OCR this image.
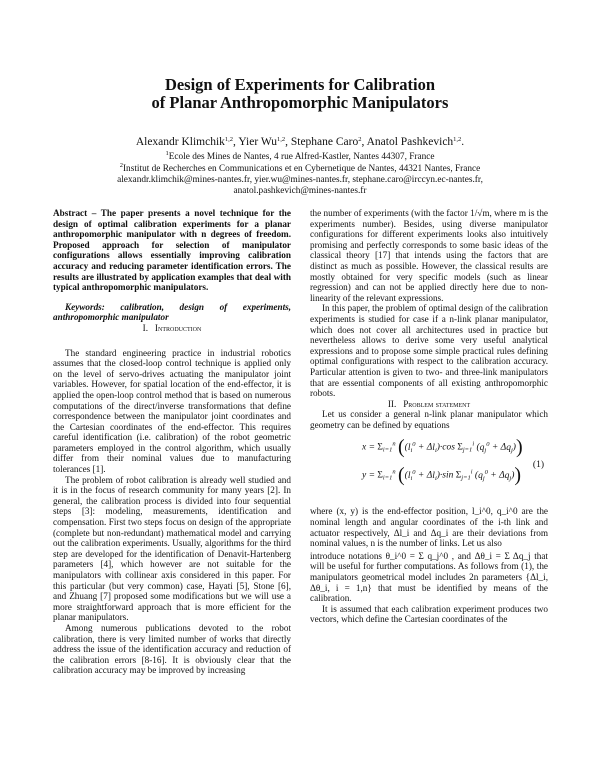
Design of Experiments for Calibration
of Planar Anthropomorphic Manipulators
Alexandr Klimchik$^{1,2}$, Yier Wu$^{1,2}$, Stephane Caro$^2$, Anatol Pashkevich$^{1,2}$.
$^1$Ecole des Mines de Nantes, 4 rue Alfred-Kastler, Nantes 44307, France
$^2$Institut de Recherches en Communications et en Cybernetique de Nantes, 44321 Nantes, France
alexandr.klimchik@mines-nantes.fr, yier.wu@mines-nantes.fr, stephane.caro@irccyn.ec-nantes.fr,
anatol.pashkevich@mines-nantes.fr

Abstract – The paper presents a novel technique for the design of optimal calibration experiments for a planar anthropomorphic manipulator with n degrees of freedom. Proposed approach for selection of manipulator configurations allows essentially improving calibration accuracy and reducing parameter identification errors. The results are illustrated by application examples that deal with typical anthropomorphic manipulators.

Keywords: calibration, design of experiments, anthropomorphic manipulator

I. Introduction

The standard engineering practice in industrial robotics assumes that the closed-loop control technique is applied only on the level of servo-drives actuating the manipulator joint variables. However, for spatial location of the end-effector, it is applied the open-loop control method that is based on numerous computations of the direct/inverse transformations that define correspondence between the manipulator joint coordinates and the Cartesian coordinates of the end-effector. This requires careful identification (i.e. calibration) of the robot geometric parameters employed in the control algorithm, which usually differ from their nominal values due to manufacturing tolerances [1].

The problem of robot calibration is already well studied and it is in the focus of research community for many years [2]. In general, the calibration process is divided into four sequential steps [3]: modeling, measurements, identification and compensation. First two steps focus on design of the appropriate (complete but non-redundant) mathematical model and carrying out the calibration experiments. Usually, algorithms for the third step are developed for the identification of Denavit-Hartenberg parameters [4], which however are not suitable for the manipulators with collinear axis considered in this paper. For this particular (but very common) case, Hayati [5], Stone [6], and Zhuang [7] proposed some modifications but we will use a more straightforward approach that is more efficient for the planar manipulators.

Among numerous publications devoted to the robot calibration, there is very limited number of works that directly address the issue of the identification accuracy and reduction of the calibration errors [8-16]. It is obviously clear that the calibration accuracy may be improved by increasing

the number of experiments (with the factor 1/√m, where m is the experiments number). Besides, using diverse manipulator configurations for different experiments looks also intuitively promising and perfectly corresponds to some basic ideas of the classical theory [17] that intends using the factors that are distinct as much as possible. However, the classical results are mostly obtained for very specific models (such as linear regression) and can not be applied directly here due to non-linearity of the relevant expressions.

In this paper, the problem of optimal design of the calibration experiments is studied for case if a n-link planar manipulator, which does not cover all architectures used in practice but nevertheless allows to derive some very useful analytical expressions and to propose some simple practical rules defining optimal configurations with respect to the calibration accuracy. Particular attention is given to two- and three-link manipulators that are essential components of all existing anthropomorphic robots.

II. Problem statement

Let us consider a general n-link planar manipulator which geometry can be defined by equations

$x = \Sigma_{i=1}^n$ ($(l_i^0 + \Delta l_i)\cdot\cos$ $\Sigma_{j=1}^i$ $(q_j^0 + \Delta q_j)$)
$y = \Sigma_{i=1}^n$ ($(l_i^0 + \Delta l_i)\cdot\sin$ $\Sigma_{j=1}^i$ $(q_j^0 + \Delta q_j)$) (1)

where (x, y) is the end-effector position, l_i^0, q_i^0 are the nominal length and angular coordinates of the i-th link and actuator respectively, Δl_i and Δq_i are their deviations from nominal values, n is the number of links. Let us also

introduce notations θ_i^0 = Σ q_j^0 , and Δθ_i = Σ Δq_j that will be useful for further computations. As follows from (1), the manipulators geometrical model includes 2n parameters {Δl_i, Δθ_i, i = 1,n} that must be identified by means of the calibration.

It is assumed that each calibration experiment produces two vectors, which define the Cartesian coordinates of the
